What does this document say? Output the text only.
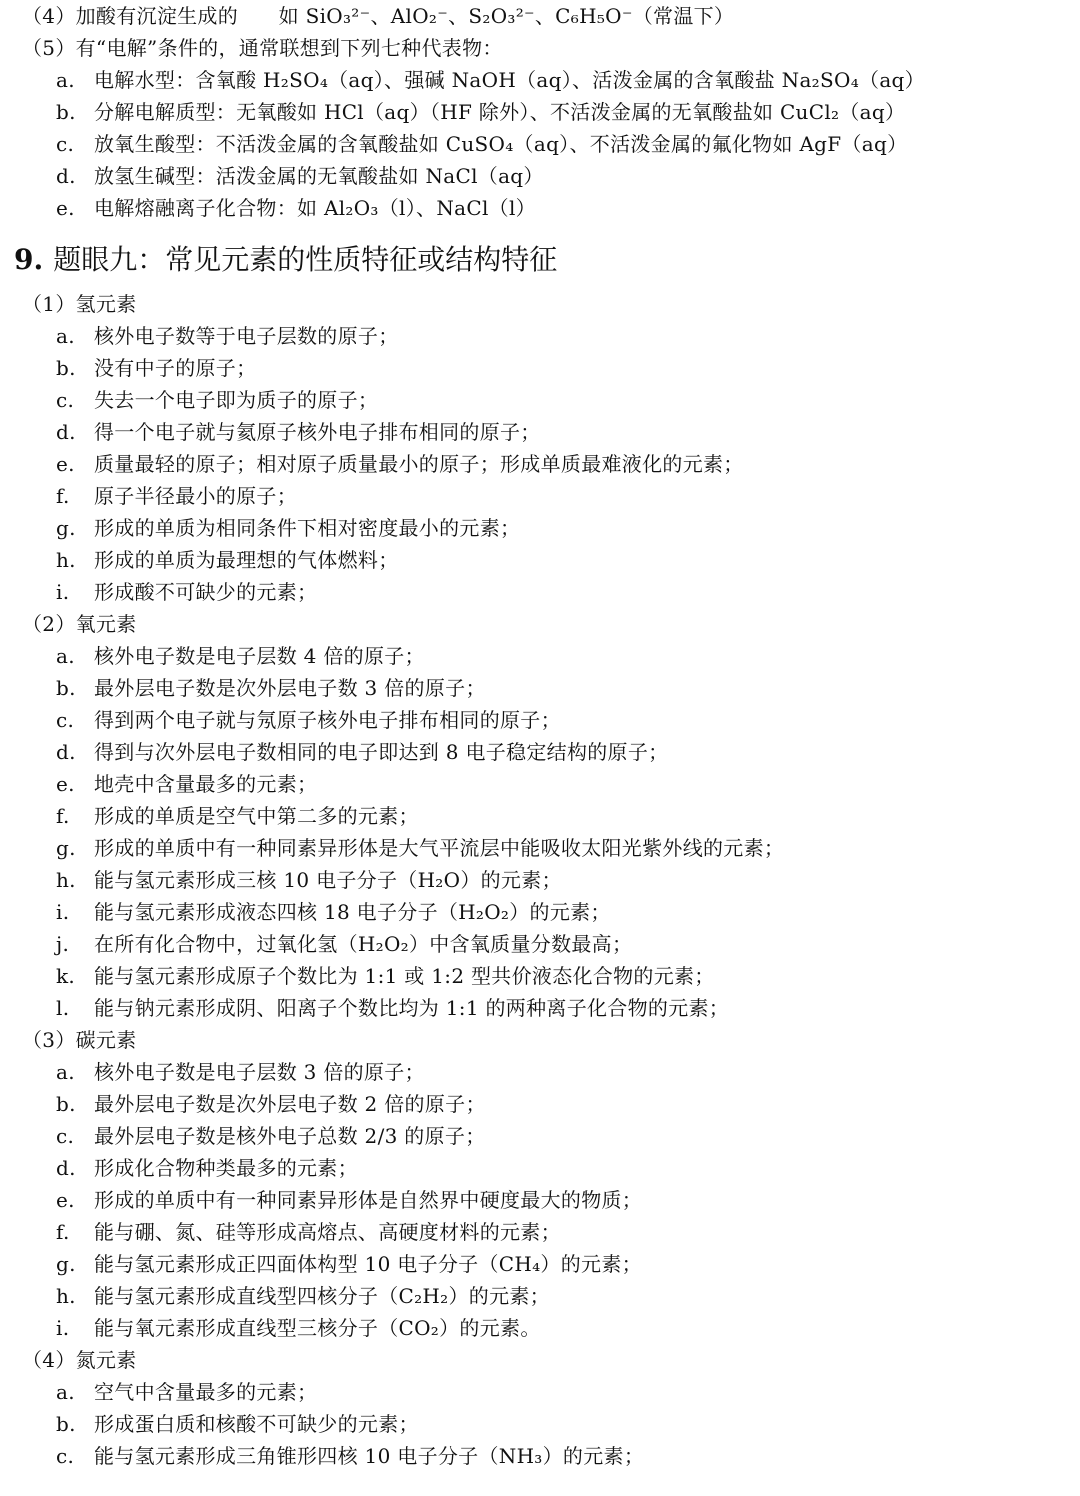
（4）加酸有沉淀生成的　　如 SiO₃²⁻、AlO₂⁻、S₂O₃²⁻、C₆H₅O⁻（常温下）
（5）有“电解”条件的，通常联想到下列七种代表物：
a. 电解水型：含氧酸 H₂SO₄（aq）、强碱 NaOH（aq）、活泼金属的含氧酸盐 Na₂SO₄（aq）
b. 分解电解质型：无氧酸如 HCl（aq）（HF 除外）、不活泼金属的无氧酸盐如 CuCl₂（aq）
c. 放氧生酸型：不活泼金属的含氧酸盐如 CuSO₄（aq）、不活泼金属的氟化物如 AgF（aq）
d. 放氢生碱型：活泼金属的无氧酸盐如 NaCl（aq）
e. 电解熔融离子化合物：如 Al₂O₃（l）、NaCl（l）
9. 题眼九：常见元素的性质特征或结构特征
（1）氢元素
a. 核外电子数等于电子层数的原子；
b. 没有中子的原子；
c. 失去一个电子即为质子的原子；
d. 得一个电子就与氦原子核外电子排布相同的原子；
e. 质量最轻的原子；相对原子质量最小的原子；形成单质最难液化的元素；
f. 原子半径最小的原子；
g. 形成的单质为相同条件下相对密度最小的元素；
h. 形成的单质为最理想的气体燃料；
i. 形成酸不可缺少的元素；
（2）氧元素
a. 核外电子数是电子层数 4 倍的原子；
b. 最外层电子数是次外层电子数 3 倍的原子；
c. 得到两个电子就与氖原子核外电子排布相同的原子；
d. 得到与次外层电子数相同的电子即达到 8 电子稳定结构的原子；
e. 地壳中含量最多的元素；
f. 形成的单质是空气中第二多的元素；
g. 形成的单质中有一种同素异形体是大气平流层中能吸收太阳光紫外线的元素；
h. 能与氢元素形成三核 10 电子分子（H₂O）的元素；
i. 能与氢元素形成液态四核 18 电子分子（H₂O₂）的元素；
j. 在所有化合物中，过氧化氢（H₂O₂）中含氧质量分数最高；
k. 能与氢元素形成原子个数比为 1:1 或 1:2 型共价液态化合物的元素；
l. 能与钠元素形成阴、阳离子个数比均为 1:1 的两种离子化合物的元素；
（3）碳元素
a. 核外电子数是电子层数 3 倍的原子；
b. 最外层电子数是次外层电子数 2 倍的原子；
c. 最外层电子数是核外电子总数 2/3 的原子；
d. 形成化合物种类最多的元素；
e. 形成的单质中有一种同素异形体是自然界中硬度最大的物质；
f. 能与硼、氮、硅等形成高熔点、高硬度材料的元素；
g. 能与氢元素形成正四面体构型 10 电子分子（CH₄）的元素；
h. 能与氢元素形成直线型四核分子（C₂H₂）的元素；
i. 能与氧元素形成直线型三核分子（CO₂）的元素。
（4）氮元素
a. 空气中含量最多的元素；
b. 形成蛋白质和核酸不可缺少的元素；
c. 能与氢元素形成三角锥形四核 10 电子分子（NH₃）的元素；
